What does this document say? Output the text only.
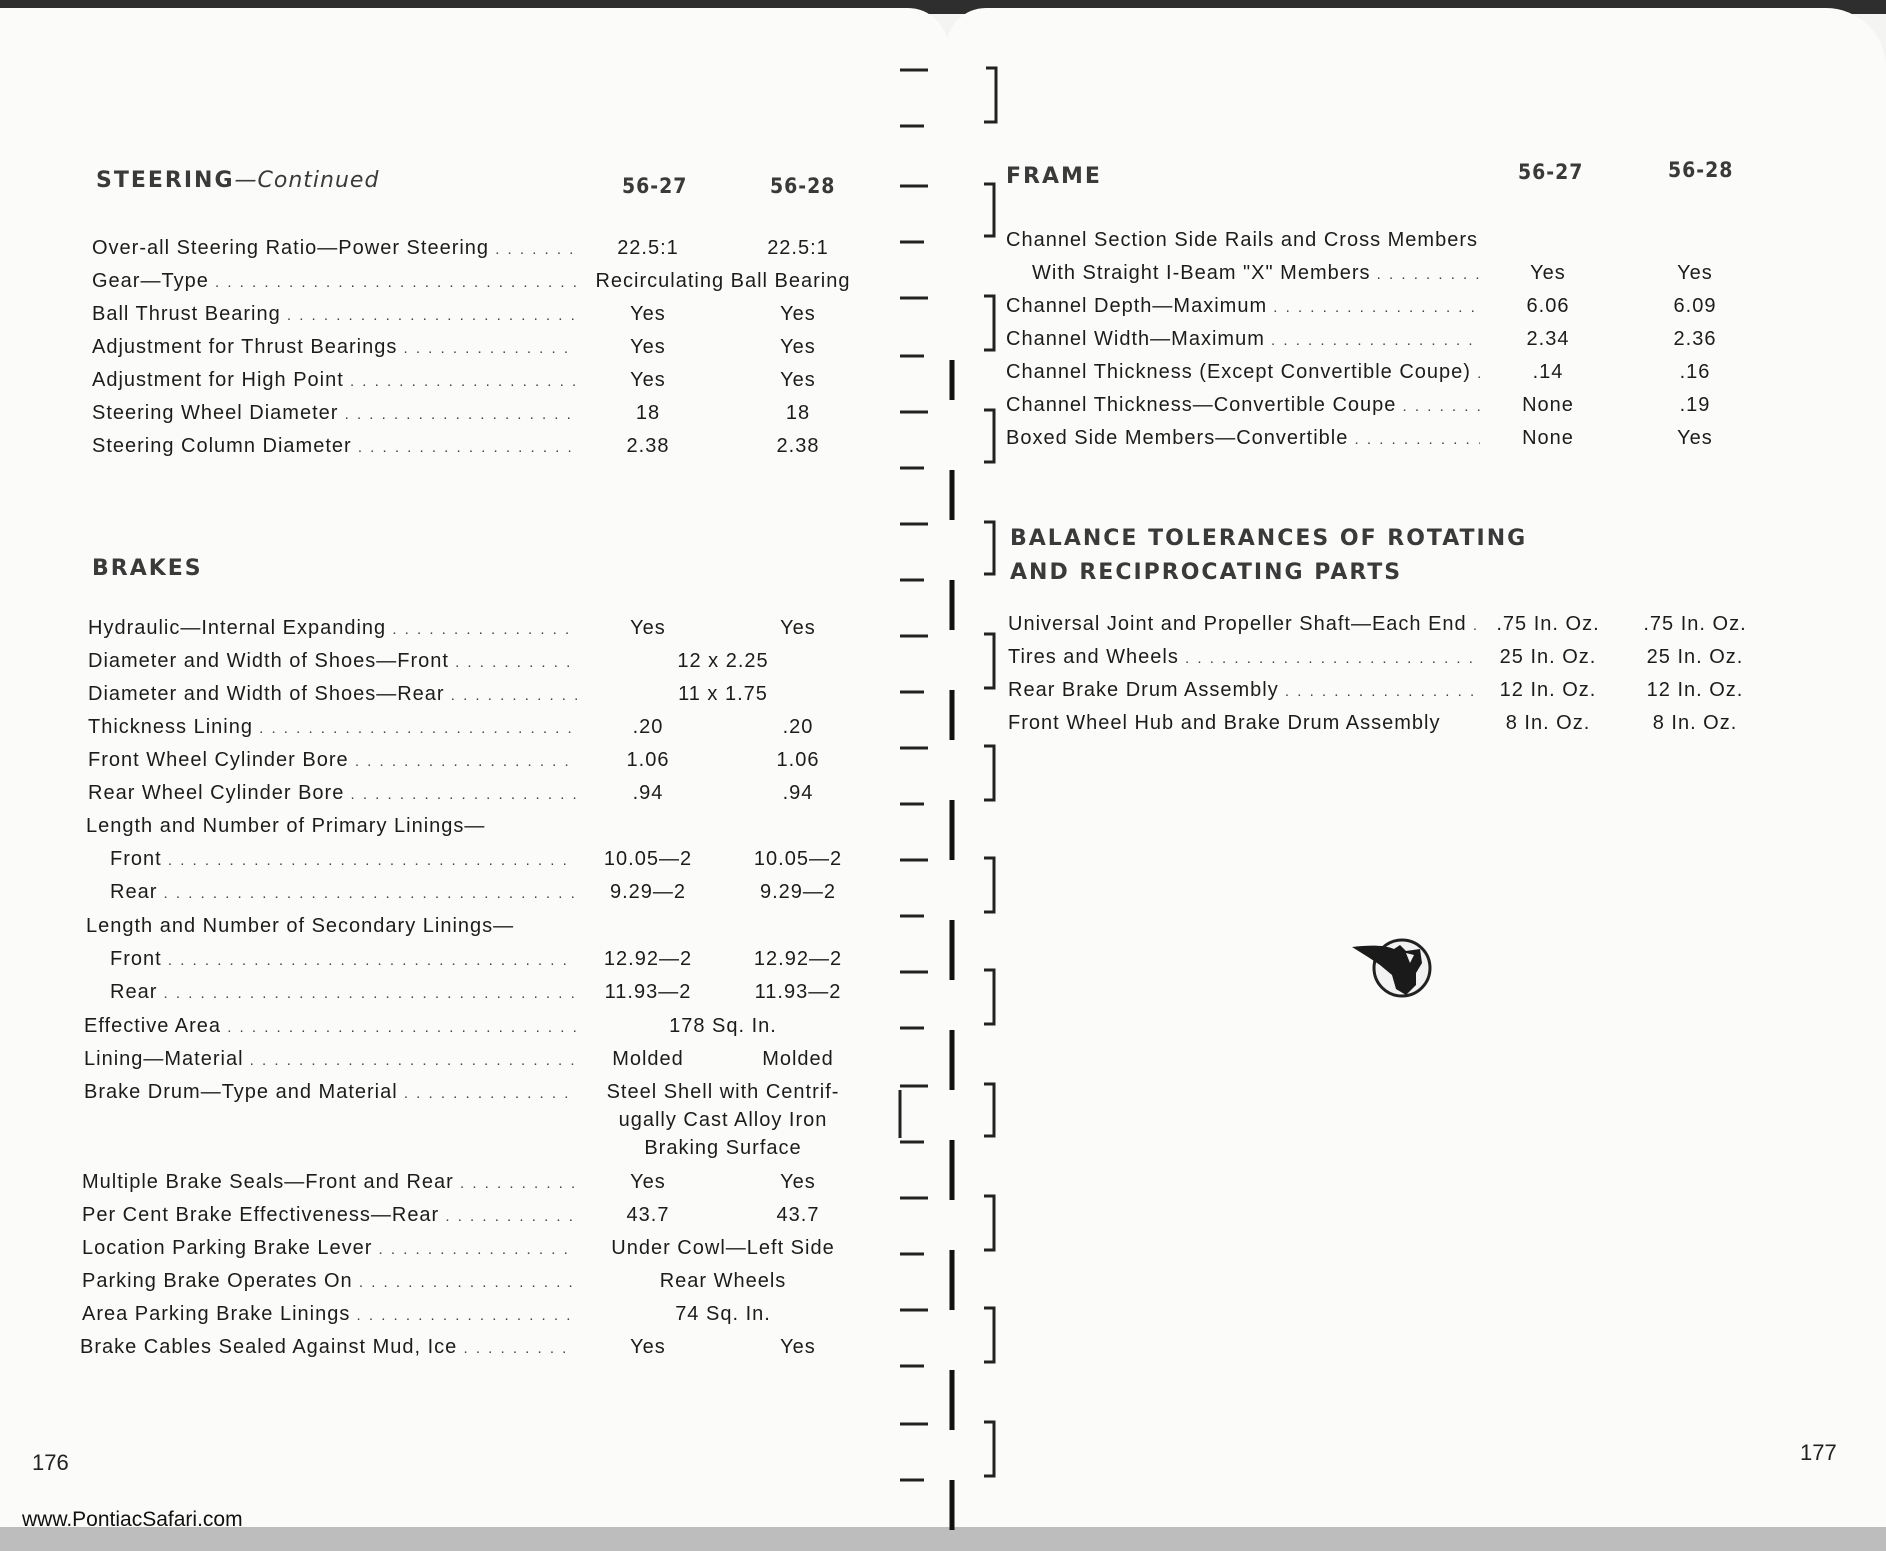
STEERING—Continued	56-27	56-28
Over-all Steering Ratio—Power Steering . . .	22.5:1	22.5:1
Gear—Type . . .	Recirculating Ball Bearing
Ball Thrust Bearing . . .	Yes	Yes
Adjustment for Thrust Bearings . . .	Yes	Yes
Adjustment for High Point . . .	Yes	Yes
Steering Wheel Diameter . . .	18	18
Steering Column Diameter . . .	2.38	2.38
BRAKES
Hydraulic—Internal Expanding . . .	Yes	Yes
Diameter and Width of Shoes—Front . . .	12 x 2.25
Diameter and Width of Shoes—Rear . . .	11 x 1.75
Thickness Lining . . .	.20	.20
Front Wheel Cylinder Bore . . .	1.06	1.06
Rear Wheel Cylinder Bore . . .	.94	.94
Length and Number of Primary Linings—
Front . . .	10.05—2	10.05—2
Rear . . .	9.29—2	9.29—2
Length and Number of Secondary Linings—
Front . . .	12.92—2	12.92—2
Rear . . .	11.93—2	11.93—2
Effective Area . . .	178 Sq. In.
Lining—Material . . .	Molded	Molded
Brake Drum—Type and Material . . .	Steel Shell with Centrif-
ugally Cast Alloy Iron
Braking Surface
Multiple Brake Seals—Front and Rear . . .	Yes	Yes
Per Cent Brake Effectiveness—Rear . . .	43.7	43.7
Location Parking Brake Lever . . .	Under Cowl—Left Side
Parking Brake Operates On . . .	Rear Wheels
Area Parking Brake Linings . . .	74 Sq. In.
Brake Cables Sealed Against Mud, Ice . . .	Yes	Yes
176
www.PontiacSafari.com
FRAME	56-27	56-28
Channel Section Side Rails and Cross Members
With Straight I-Beam "X" Members . . .	Yes	Yes
Channel Depth—Maximum . . .	6.06	6.09
Channel Width—Maximum . . .	2.34	2.36
Channel Thickness (Except Convertible Coupe) . . .	.14	.16
Channel Thickness—Convertible Coupe . . .	None	.19
Boxed Side Members—Convertible . . .	None	Yes
BALANCE TOLERANCES OF ROTATING
AND RECIPROCATING PARTS
Universal Joint and Propeller Shaft—Each End . . .	.75 In. Oz.	.75 In. Oz.
Tires and Wheels . . .	25 In. Oz.	25 In. Oz.
Rear Brake Drum Assembly . . .	12 In. Oz.	12 In. Oz.
Front Wheel Hub and Brake Drum Assembly	8 In. Oz.	8 In. Oz.
177
